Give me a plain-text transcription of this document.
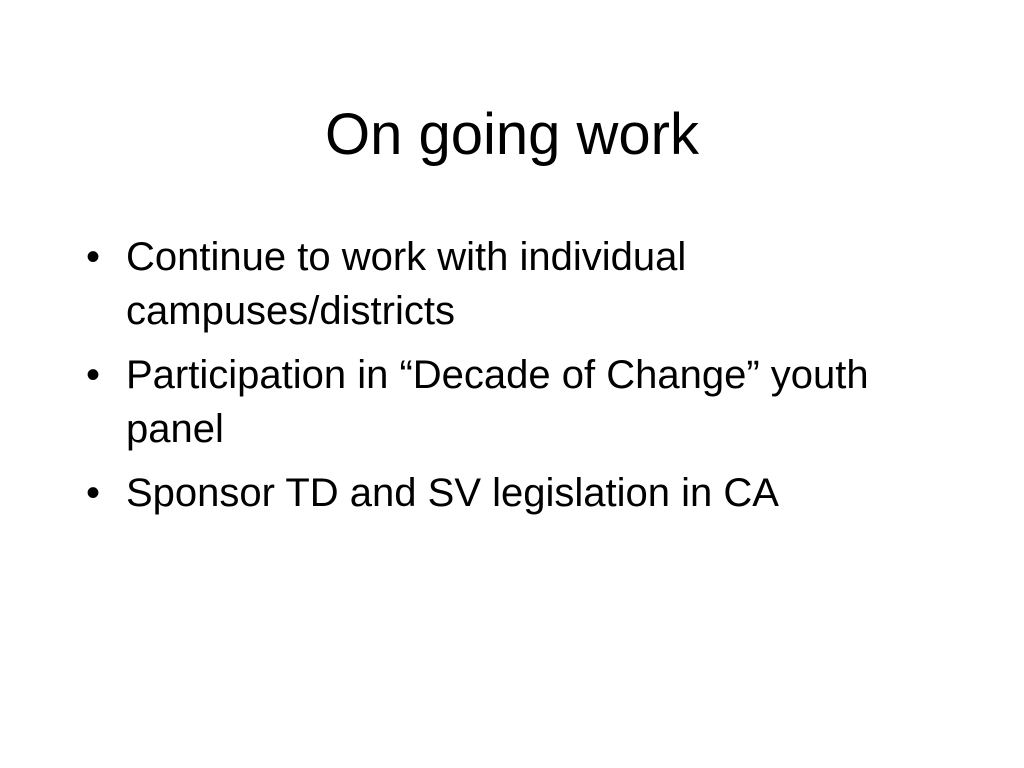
On going work
• Continue to work with individual campuses/districts
• Participation in “Decade of Change” youth panel
• Sponsor TD and SV legislation in CA
